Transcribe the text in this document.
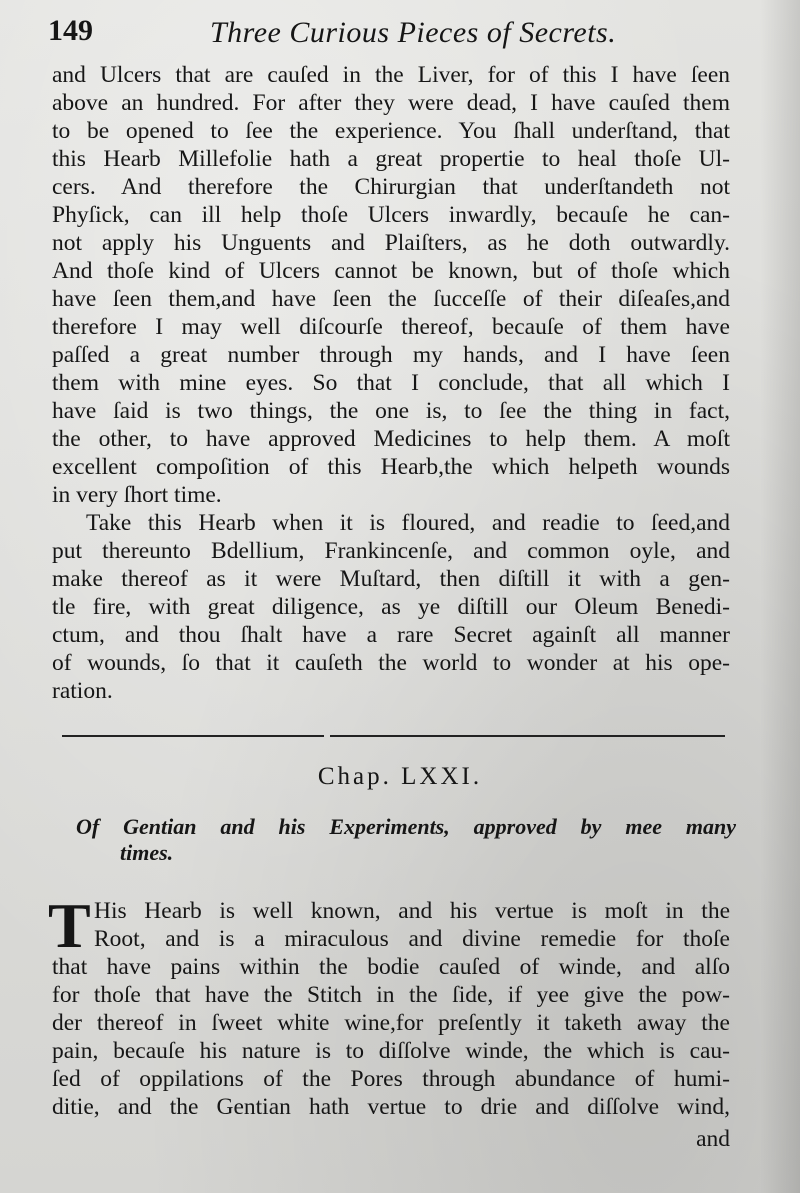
149	Three Curious Pieces of Secrets.
and Ulcers that are cauſed in the Liver, for of this I have ſeen
above an hundred. For after they were dead, I have cauſed them
to be opened to ſee the experience. You ſhall underſtand, that
this Hearb Millefolie hath a great propertie to heal thoſe Ul-
cers. And therefore the Chirurgian that underſtandeth not
Phyſick, can ill help thoſe Ulcers inwardly, becauſe he can-
not apply his Unguents and Plaiſters, as he doth outwardly.
And thoſe kind of Ulcers cannot be known, but of thoſe which
have ſeen them,and have ſeen the ſucceſſe of their diſeaſes,and
therefore I may well diſcourſe thereof, becauſe of them have
paſſed a great number through my hands, and I have ſeen
them with mine eyes. So that I conclude, that all which I
have ſaid is two things, the one is, to ſee the thing in fact,
the other, to have approved Medicines to help them. A moſt
excellent compoſition of this Hearb,the which helpeth wounds
in very ſhort time.
Take this Hearb when it is floured, and readie to ſeed,and
put thereunto Bdellium, Frankincenſe, and common oyle, and
make thereof as it were Muſtard, then diſtill it with a gen-
tle fire, with great diligence, as ye diſtill our Oleum Benedi-
ctum, and thou ſhalt have a rare Secret againſt all manner
of wounds, ſo that it cauſeth the world to wonder at his ope-
ration.
Chap. LXXI.
Of Gentian and his Experiments, approved by mee many
times.
T His Hearb is well known, and his vertue is moſt in the
Root, and is a miraculous and divine remedie for thoſe
that have pains within the bodie cauſed of winde, and alſo
for thoſe that have the Stitch in the ſide, if yee give the pow-
der thereof in ſweet white wine,for preſently it taketh away the
pain, becauſe his nature is to diſſolve winde, the which is cau-
ſed of oppilations of the Pores through abundance of humi-
ditie, and the Gentian hath vertue to drie and diſſolve wind,
and
